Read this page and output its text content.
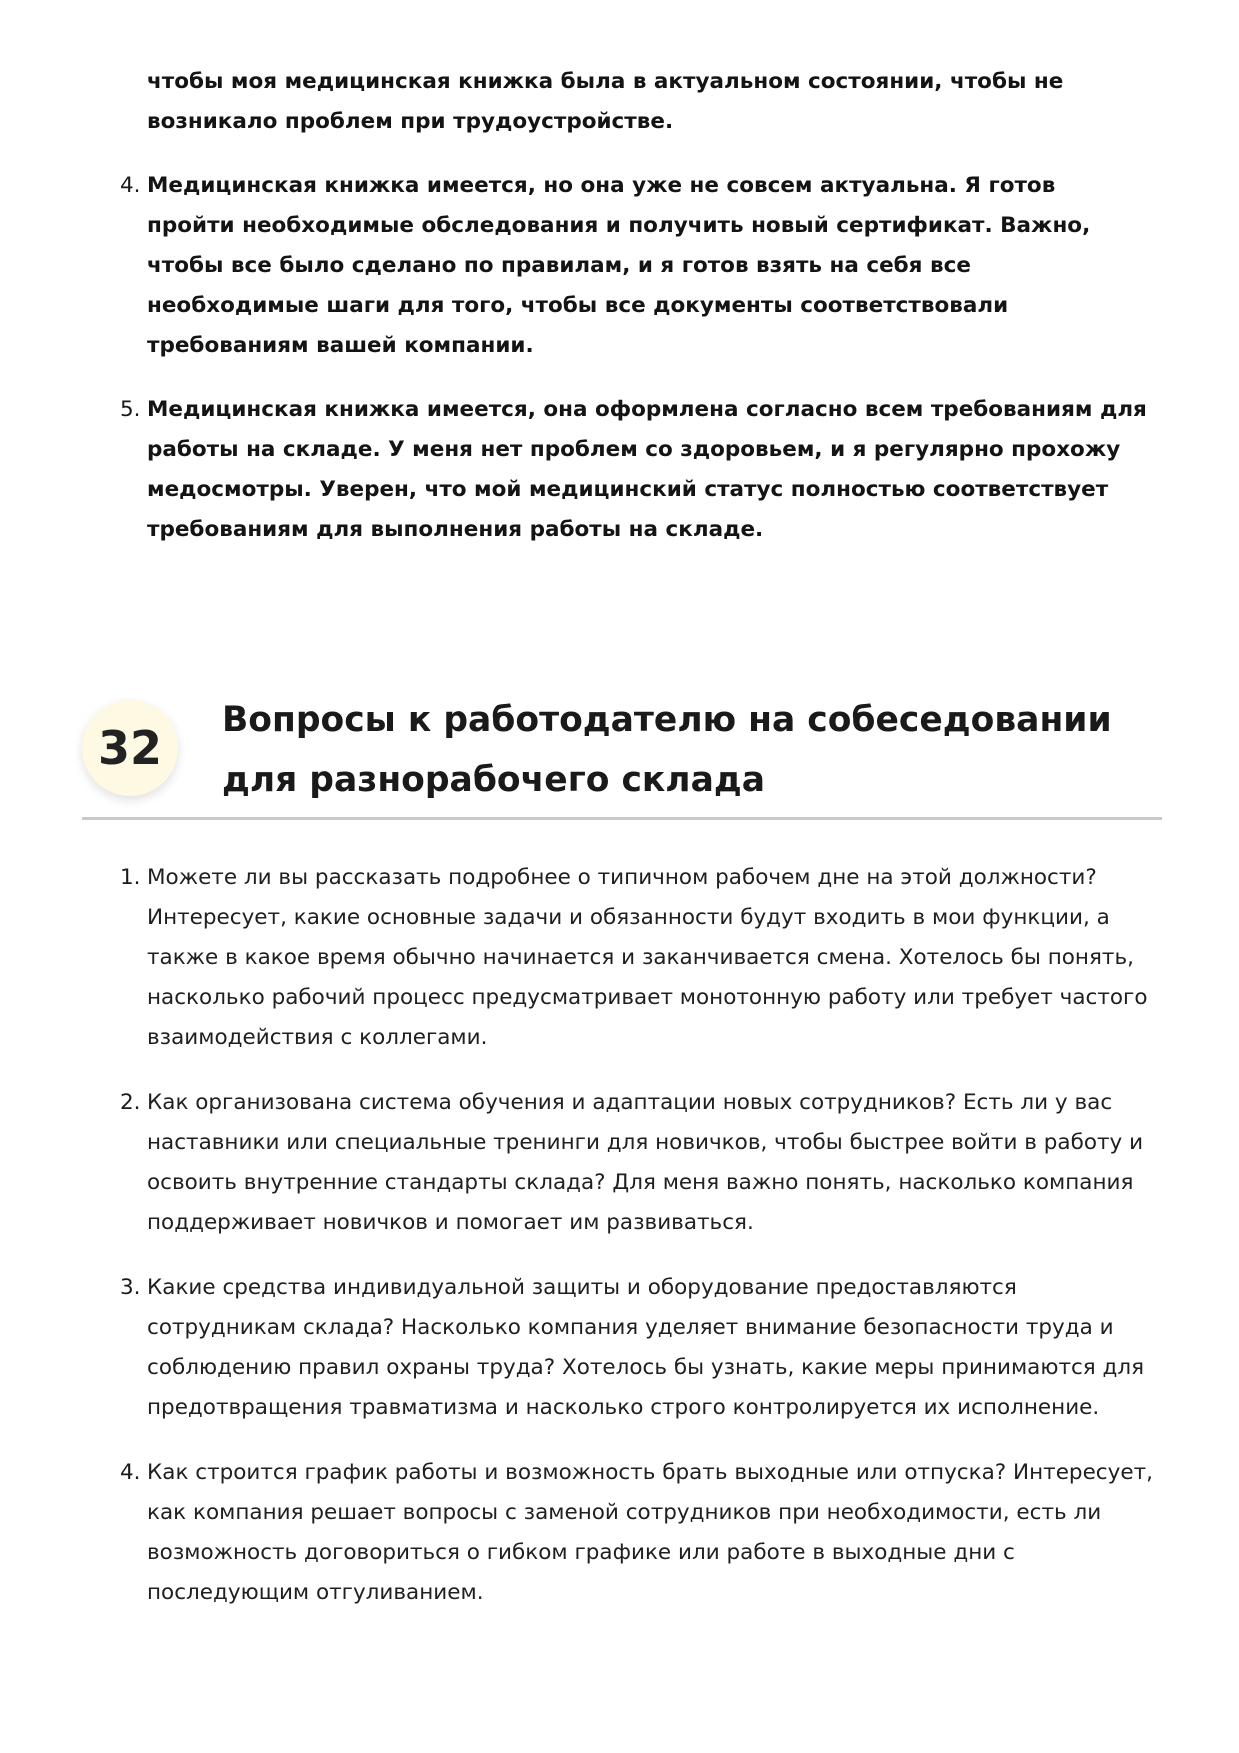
чтобы моя медицинская книжка была в актуальном состоянии, чтобы не возникало проблем при трудоустройстве.

4. Медицинская книжка имеется, но она уже не совсем актуальна. Я готов пройти необходимые обследования и получить новый сертификат. Важно, чтобы все было сделано по правилам, и я готов взять на себя все необходимые шаги для того, чтобы все документы соответствовали требованиям вашей компании.
5. Медицинская книжка имеется, она оформлена согласно всем требованиям для работы на складе. У меня нет проблем со здоровьем, и я регулярно прохожу медосмотры. Уверен, что мой медицинский статус полностью соответствует требованиям для выполнения работы на складе.
32
Вопросы к работодателю на собеседовании для разнорабочего склада
1. Можете ли вы рассказать подробнее о типичном рабочем дне на этой должности? Интересует, какие основные задачи и обязанности будут входить в мои функции, а также в какое время обычно начинается и заканчивается смена. Хотелось бы понять, насколько рабочий процесс предусматривает монотонную работу или требует частого взаимодействия с коллегами.
2. Как организована система обучения и адаптации новых сотрудников? Есть ли у вас наставники или специальные тренинги для новичков, чтобы быстрее войти в работу и освоить внутренние стандарты склада? Для меня важно понять, насколько компания поддерживает новичков и помогает им развиваться.
3. Какие средства индивидуальной защиты и оборудование предоставляются сотрудникам склада? Насколько компания уделяет внимание безопасности труда и соблюдению правил охраны труда? Хотелось бы узнать, какие меры принимаются для предотвращения травматизма и насколько строго контролируется их исполнение.
4. Как строится график работы и возможность брать выходные или отпуска? Интересует, как компания решает вопросы с заменой сотрудников при необходимости, есть ли возможность договориться о гибком графике или работе в выходные дни с последующим отгуливанием.
